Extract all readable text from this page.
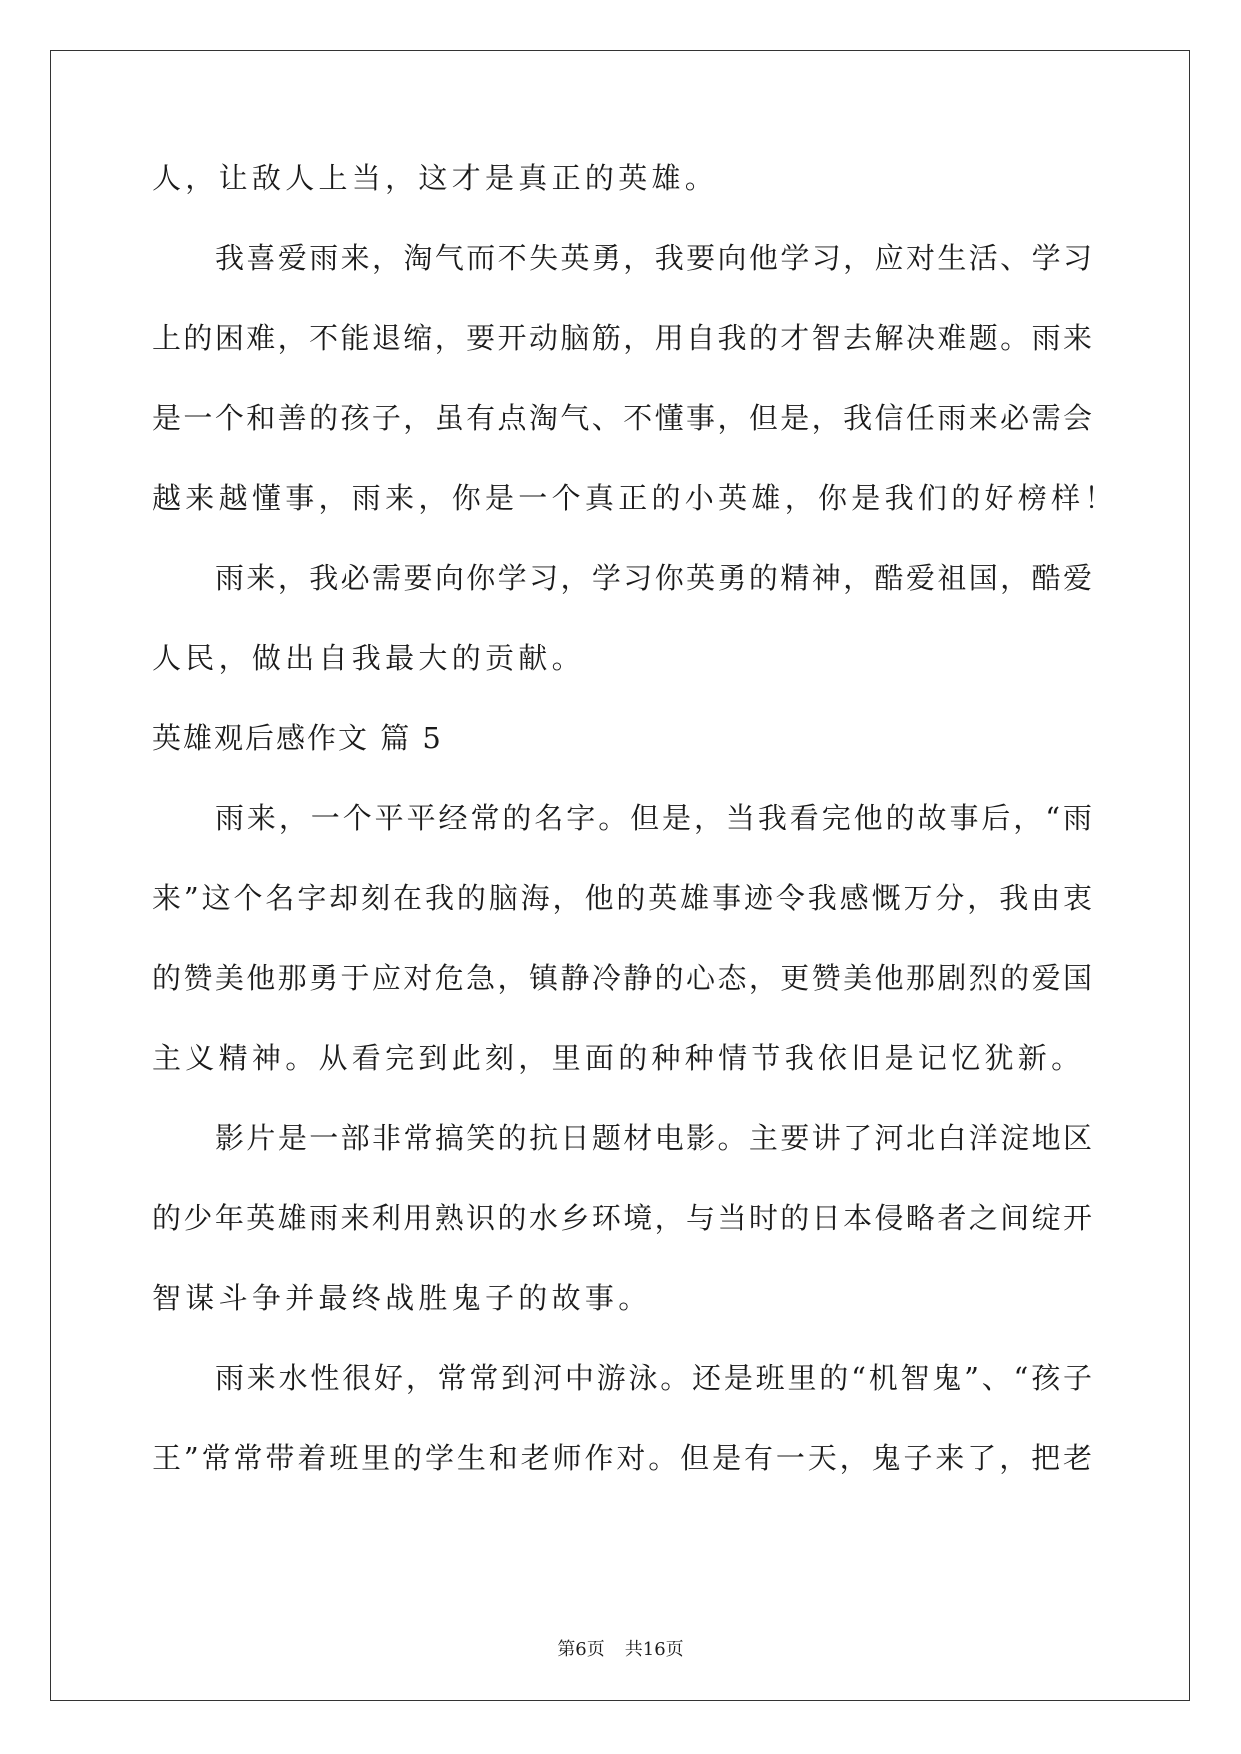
人，让敌人上当，这才是真正的英雄。
我喜爱雨来，淘气而不失英勇，我要向他学习，应对生活、学习
上的困难，不能退缩，要开动脑筋，用自我的才智去解决难题。雨来
是一个和善的孩子，虽有点淘气、不懂事，但是，我信任雨来必需会
越来越懂事，雨来，你是一个真正的小英雄，你是我们的好榜样！
雨来，我必需要向你学习，学习你英勇的精神，酷爱祖国，酷爱
人民，做出自我最大的贡献。
英雄观后感作文 篇 5
雨来，一个平平经常的名字。但是，当我看完他的故事后，“雨
来”这个名字却刻在我的脑海，他的英雄事迹令我感慨万分，我由衷
的赞美他那勇于应对危急，镇静冷静的心态，更赞美他那剧烈的爱国
主义精神。从看完到此刻，里面的种种情节我依旧是记忆犹新。
影片是一部非常搞笑的抗日题材电影。主要讲了河北白洋淀地区
的少年英雄雨来利用熟识的水乡环境，与当时的日本侵略者之间绽开
智谋斗争并最终战胜鬼子的故事。
雨来水性很好，常常到河中游泳。还是班里的“机智鬼”、“孩子
王”常常带着班里的学生和老师作对。但是有一天，鬼子来了，把老
第6页 共16页
